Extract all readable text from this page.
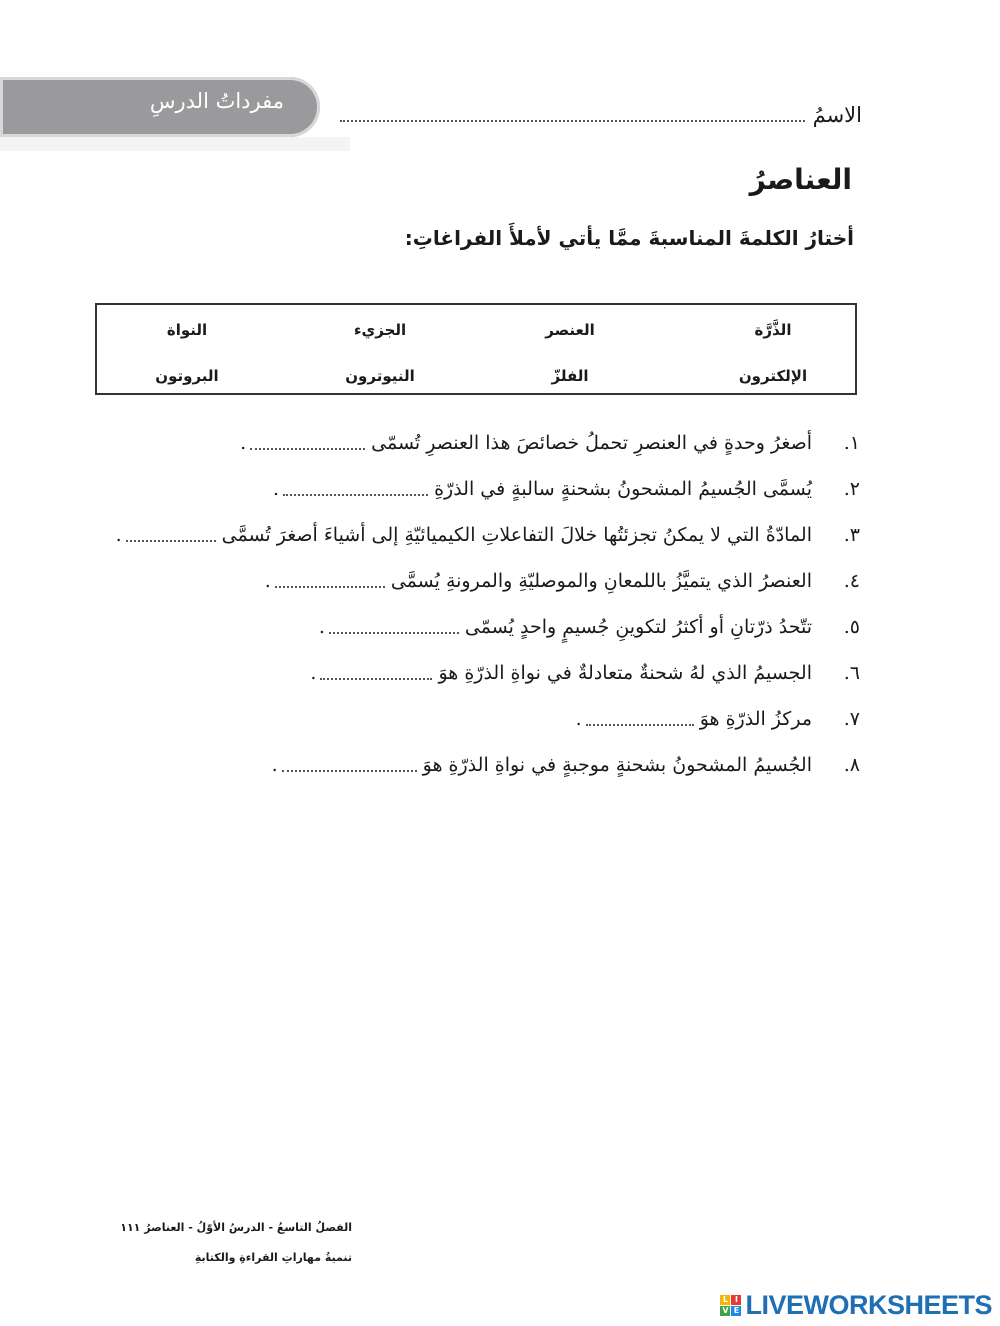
مفرداتُ الدرسِ
الاسمُ
العناصرُ
أختارُ الكلمةَ المناسبةَ ممَّا يأتي لأملأَ الفراغاتِ:
الذَّرَّة
العنصر
الجزيء
النواة
الإلكترون
الفلزّ
النيوترون
البروتون
١.
أصغرُ وحدةٍ في العنصرِ تحملُ خصائصَ هذا العنصرِ تُسمّى
.
٢.
يُسمَّى الجُسيمُ المشحونُ بشحنةٍ سالبةٍ في الذرّةِ
.
٣.
المادّةُ التي لا يمكنُ تجزئتُها خلالَ التفاعلاتِ الكيميائيّةِ إلى أشياءَ أصغرَ تُسمَّى
.
٤.
العنصرُ الذي يتميَّزُ باللمعانِ والموصليّةِ والمرونةِ يُسمَّى
.
٥.
تتّحدُ ذرّتانِ أو أكثرُ لتكوينِ جُسيمٍ واحدٍ يُسمّى
.
٦.
الجسيمُ الذي لهُ شحنةٌ متعادلةٌ في نواةِ الذرّةِ هوَ
.
٧.
مركزُ الذرّةِ هوَ
.
٨.
الجُسيمُ المشحونُ بشحنةٍ موجبةٍ في نواةِ الذرّةِ هوَ
.
الفصلُ التاسعُ - الدرسُ الأوّلُ - العناصرُ ١١١
تنميةُ مهاراتِ القراءةِ والكتابةِ
L I
V E LIVEWORKSHEETS
